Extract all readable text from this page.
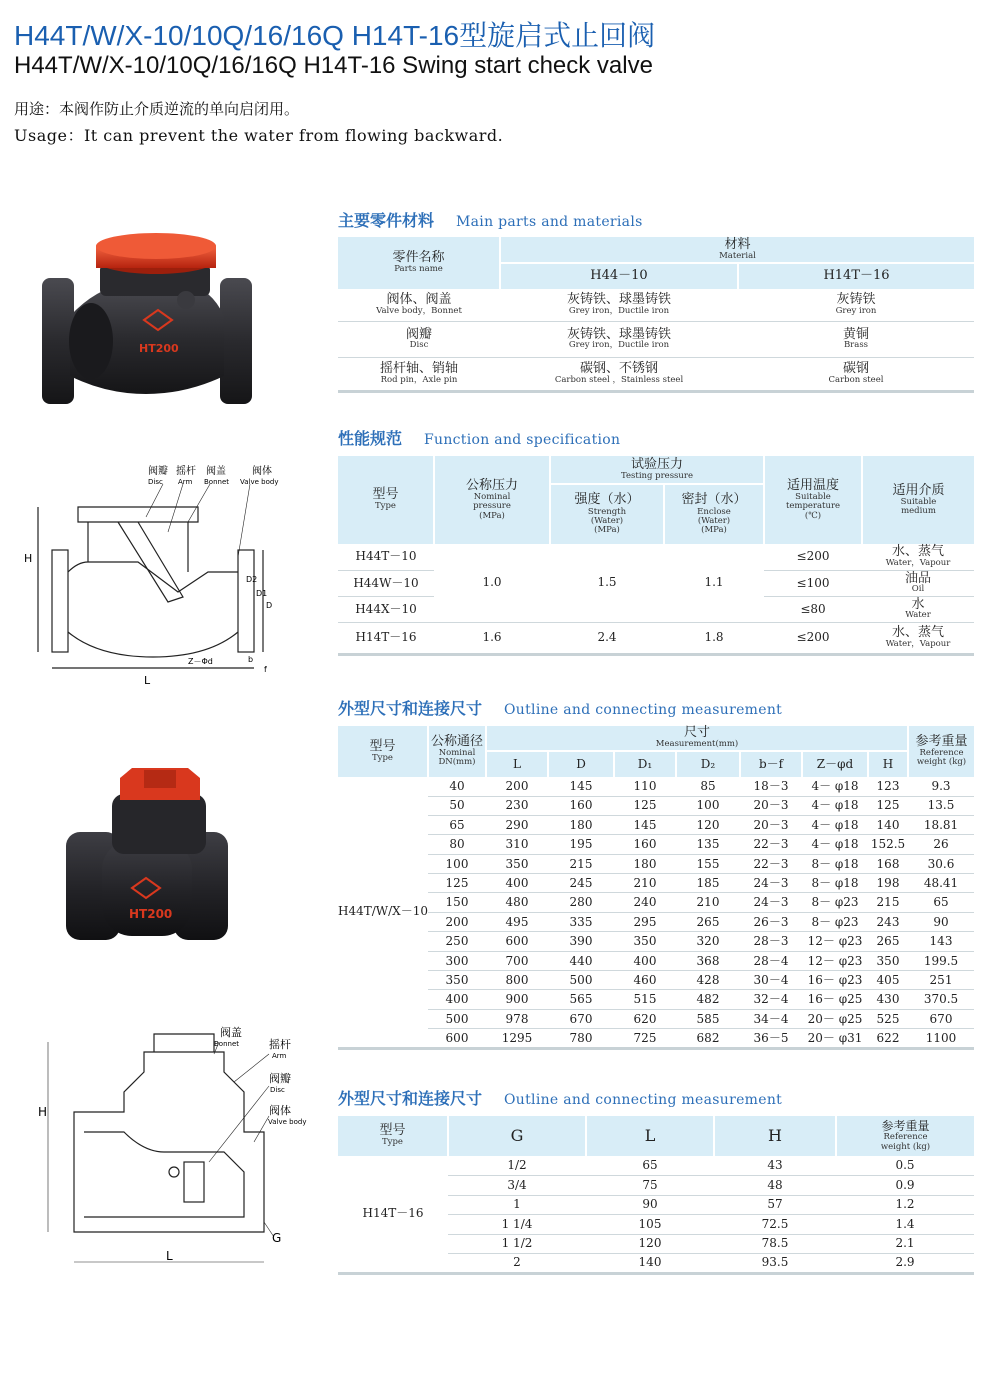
H44T/W/X-10/10Q/16/16Q H14T-16型旋启式止回阀
H44T/W/X-10/10Q/16/16Q H14T-16 Swing start check valve
用途：本阀作防止介质逆流的单向启闭用。
Usage：It can prevent the water from flowing backward.
HT200
阀瓣
Disc
摇杆
Arm
阀盖
Bonnet
阀体
Valve body
H
L
D
D1
D2
Z－Φd	b
f
HT200
阀盖
Bonnet	摇杆
Arm
阀瓣
Disc
阀体
Valve body
H
L
G
主要零件材料 Main parts and materials
零件名称
Parts name	材料
Material	

	H44－10	H14T－16

阀体、阀盖
Valve body，Bonnet	灰铸铁、球墨铸铁
Grey iron，Ductile iron	灰铸铁
Grey iron

阀瓣
Disc	灰铸铁、球墨铸铁
Grey iron，Ductile iron	黄铜
Brass

摇杆轴、销轴
Rod pin，Axle pin	碳钢、不锈钢
Carbon steel ，Stainless steel	碳钢
Carbon steel
性能规范 Function and specification
型号
Type	公称压力
Nominal
pressure
(MPa)	试验压力
Testing pressure		适用温度
Suitable
temperature
(℃)	适用介质
Suitable
medium

		强度（水）
Strength
(Water)
(MPa)	密封（水）
Enclose
(Water)
(MPa)		

H44T－10	1.0	1.5	1.1	≤200	水、蒸气
Water，Vapour

H44W－10				≤100	油品
Oil

H44X－10				≤80	水
Water

H14T－16	1.6	2.4	1.8	≤200	水、蒸气
Water，Vapour
外型尺寸和连接尺寸 Outline and connecting measurement
型号
Type	公称通径
Nominal
DN(mm)	尺寸
Measurement(mm)							参考重量
Reference
weight (kg)

		L	D	D₁	D₂	b－f	Z－φd	H	
H44T/W/X－10	40	200	145	110	85	18－3	4－ φ18	123	9.3
	50	230	160	125	100	20－3	4－ φ18	125	13.5
	65	290	180	145	120	20－3	4－ φ18	140	18.81
	80	310	195	160	135	22－3	4－ φ18	152.5	26
	100	350	215	180	155	22－3	8－ φ18	168	30.6
	125	400	245	210	185	24－3	8－ φ18	198	48.41
	150	480	280	240	210	24－3	8－ φ23	215	65
	200	495	335	295	265	26－3	8－ φ23	243	90
	250	600	390	350	320	28－3	12－ φ23	265	143
	300	700	440	400	368	28－4	12－ φ23	350	199.5
	350	800	500	460	428	30－4	16－ φ23	405	251
	400	900	565	515	482	32－4	16－ φ25	430	370.5
	500	978	670	620	585	34－4	20－ φ25	525	670
	600	1295	780	725	682	36－5	20－ φ31	622	1100
外型尺寸和连接尺寸 Outline and connecting measurement
型号
Type	G	L	H	参考重量
Reference
weight (kg)

H14T－16	1/2	65	43	0.5
	3/4	75	48	0.9
	1	90	57	1.2
	1 1/4	105	72.5	1.4
	1 1/2	120	78.5	2.1
	2	140	93.5	2.9
